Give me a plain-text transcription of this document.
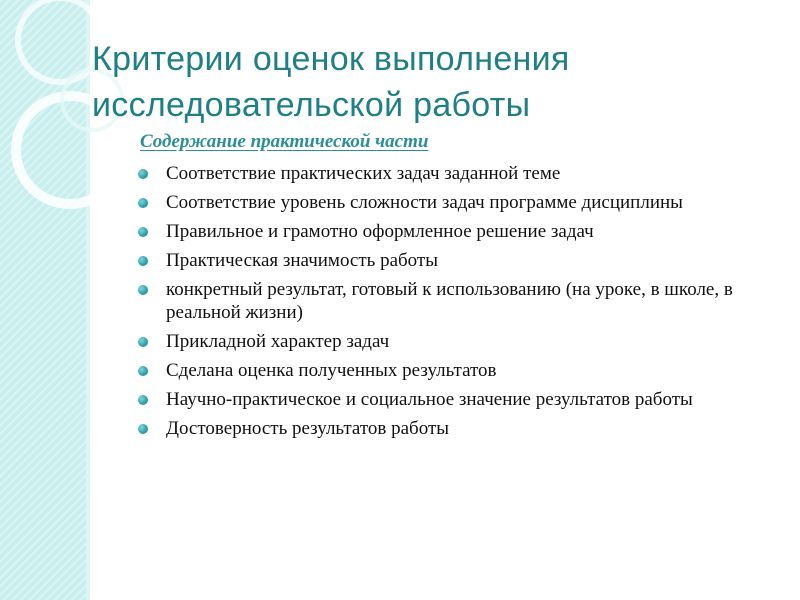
Критерии оценок выполнения
исследовательской работы
Содержание практической части
Соответствие практических задач заданной теме
Соответствие уровень сложности задач программе дисциплины
Правильное и грамотно оформленное решение задач
Практическая значимость работы
конкретный результат, готовый к использованию (на уроке, в школе, в реальной жизни)
Прикладной характер задач
Сделана оценка полученных результатов
Научно-практическое и социальное значение результатов работы
Достоверность результатов работы
